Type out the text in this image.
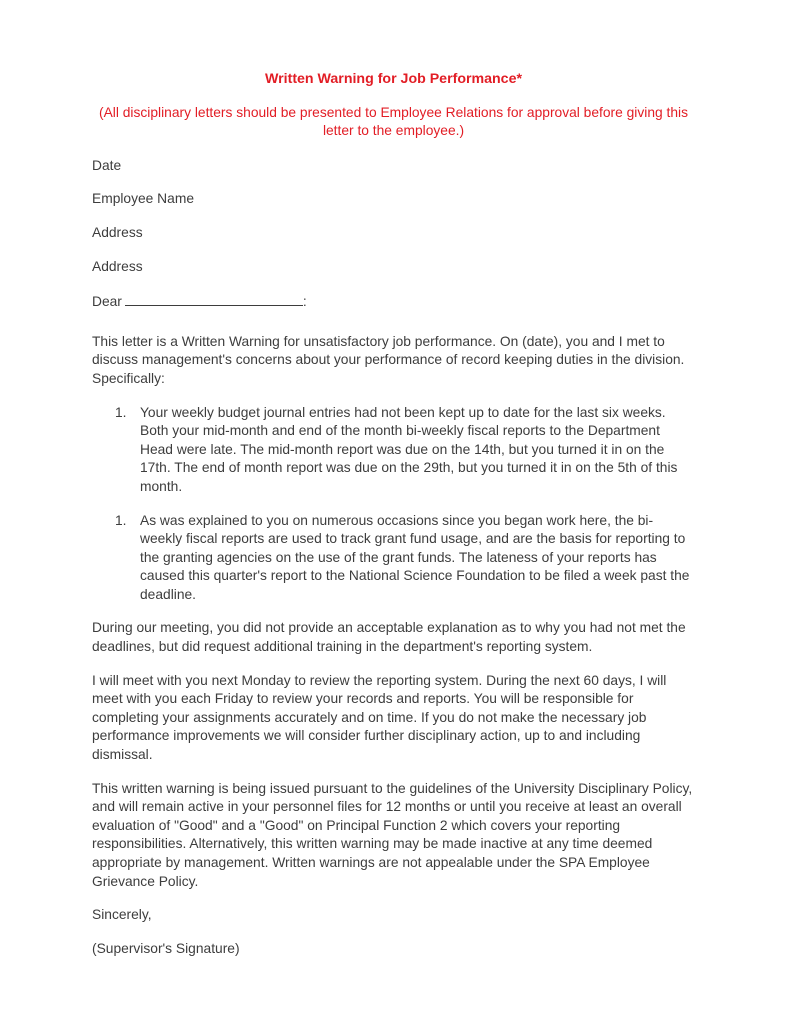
Written Warning for Job Performance*

(All disciplinary letters should be presented to Employee Relations for approval before giving this letter to the employee.)

Date

Employee Name

Address

Address

Dear	:

This letter is a Written Warning for unsatisfactory job performance. On (date), you and I met to discuss management's concerns about your performance of record keeping duties in the division. Specifically:

1. Your weekly budget journal entries had not been kept up to date for the last six weeks. Both your mid-month and end of the month bi-weekly fiscal reports to the Department Head were late. The mid-month report was due on the 14th, but you turned it in on the 17th. The end of month report was due on the 29th, but you turned it in on the 5th of this month.
1. As was explained to you on numerous occasions since you began work here, the bi-weekly fiscal reports are used to track grant fund usage, and are the basis for reporting to the granting agencies on the use of the grant funds. The lateness of your reports has caused this quarter's report to the National Science Foundation to be filed a week past the deadline.

During our meeting, you did not provide an acceptable explanation as to why you had not met the deadlines, but did request additional training in the department's reporting system.

I will meet with you next Monday to review the reporting system. During the next 60 days, I will meet with you each Friday to review your records and reports. You will be responsible for completing your assignments accurately and on time. If you do not make the necessary job performance improvements we will consider further disciplinary action, up to and including dismissal.

This written warning is being issued pursuant to the guidelines of the University Disciplinary Policy, and will remain active in your personnel files for 12 months or until you receive at least an overall evaluation of "Good" and a "Good" on Principal Function 2 which covers your reporting responsibilities. Alternatively, this written warning may be made inactive at any time deemed appropriate by management. Written warnings are not appealable under the SPA Employee Grievance Policy.

Sincerely,

(Supervisor's Signature)
